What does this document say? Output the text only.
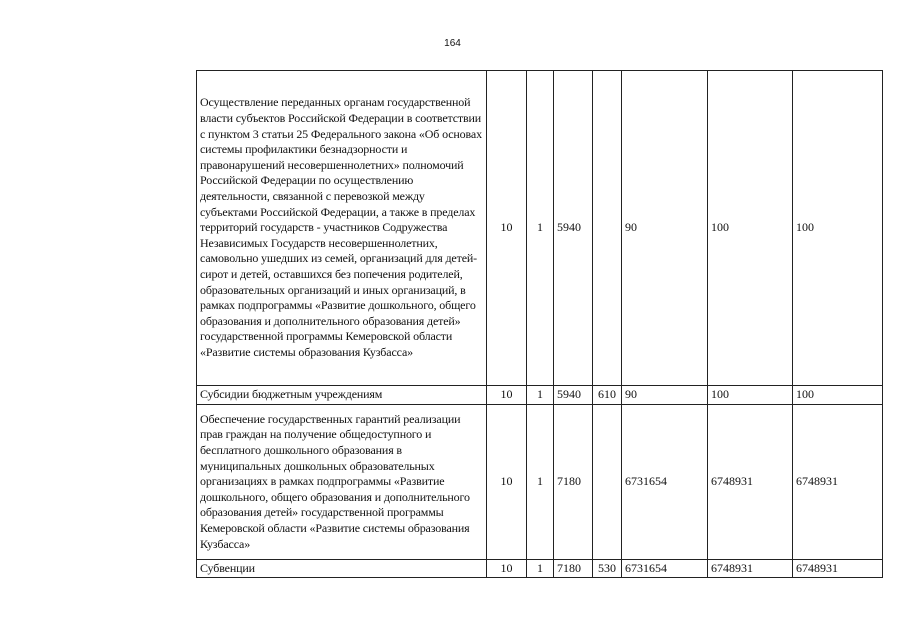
164
Осуществление переданных органам государственной власти субъектов Российской Федерации в соответствии с пунктом 3 статьи 25 Федерального закона «Об основах системы профилактики безнадзорности и правонарушений несовершеннолетних» полномочий Российской Федерации по осуществлению деятельности, связанной с перевозкой между субъектами Российской Федерации, а также в пределах территорий государств - участников Содружества Независимых Государств несовершеннолетних, самовольно ушедших из семей, организаций для детей-сирот и детей, оставшихся без попечения родителей, образовательных организаций и иных организаций, в рамках подпрограммы «Развитие дошкольного, общего образования и дополнительного образования детей» государственной программы Кемеровской области «Развитие системы образования Кузбасса»	10	1	5940		90	100	100
Субсидии бюджетным учреждениям	10	1	5940	610	90	100	100
Обеспечение государственных гарантий реализации прав граждан на получение общедоступного и бесплатного дошкольного образования в муниципальных дошкольных образовательных организациях в рамках подпрограммы «Развитие дошкольного, общего образования и дополнительного образования детей» государственной программы Кемеровской области «Развитие системы образования Кузбасса»	10	1	7180		6731654	6748931	6748931
Субвенции	10	1	7180	530	6731654	6748931	6748931
